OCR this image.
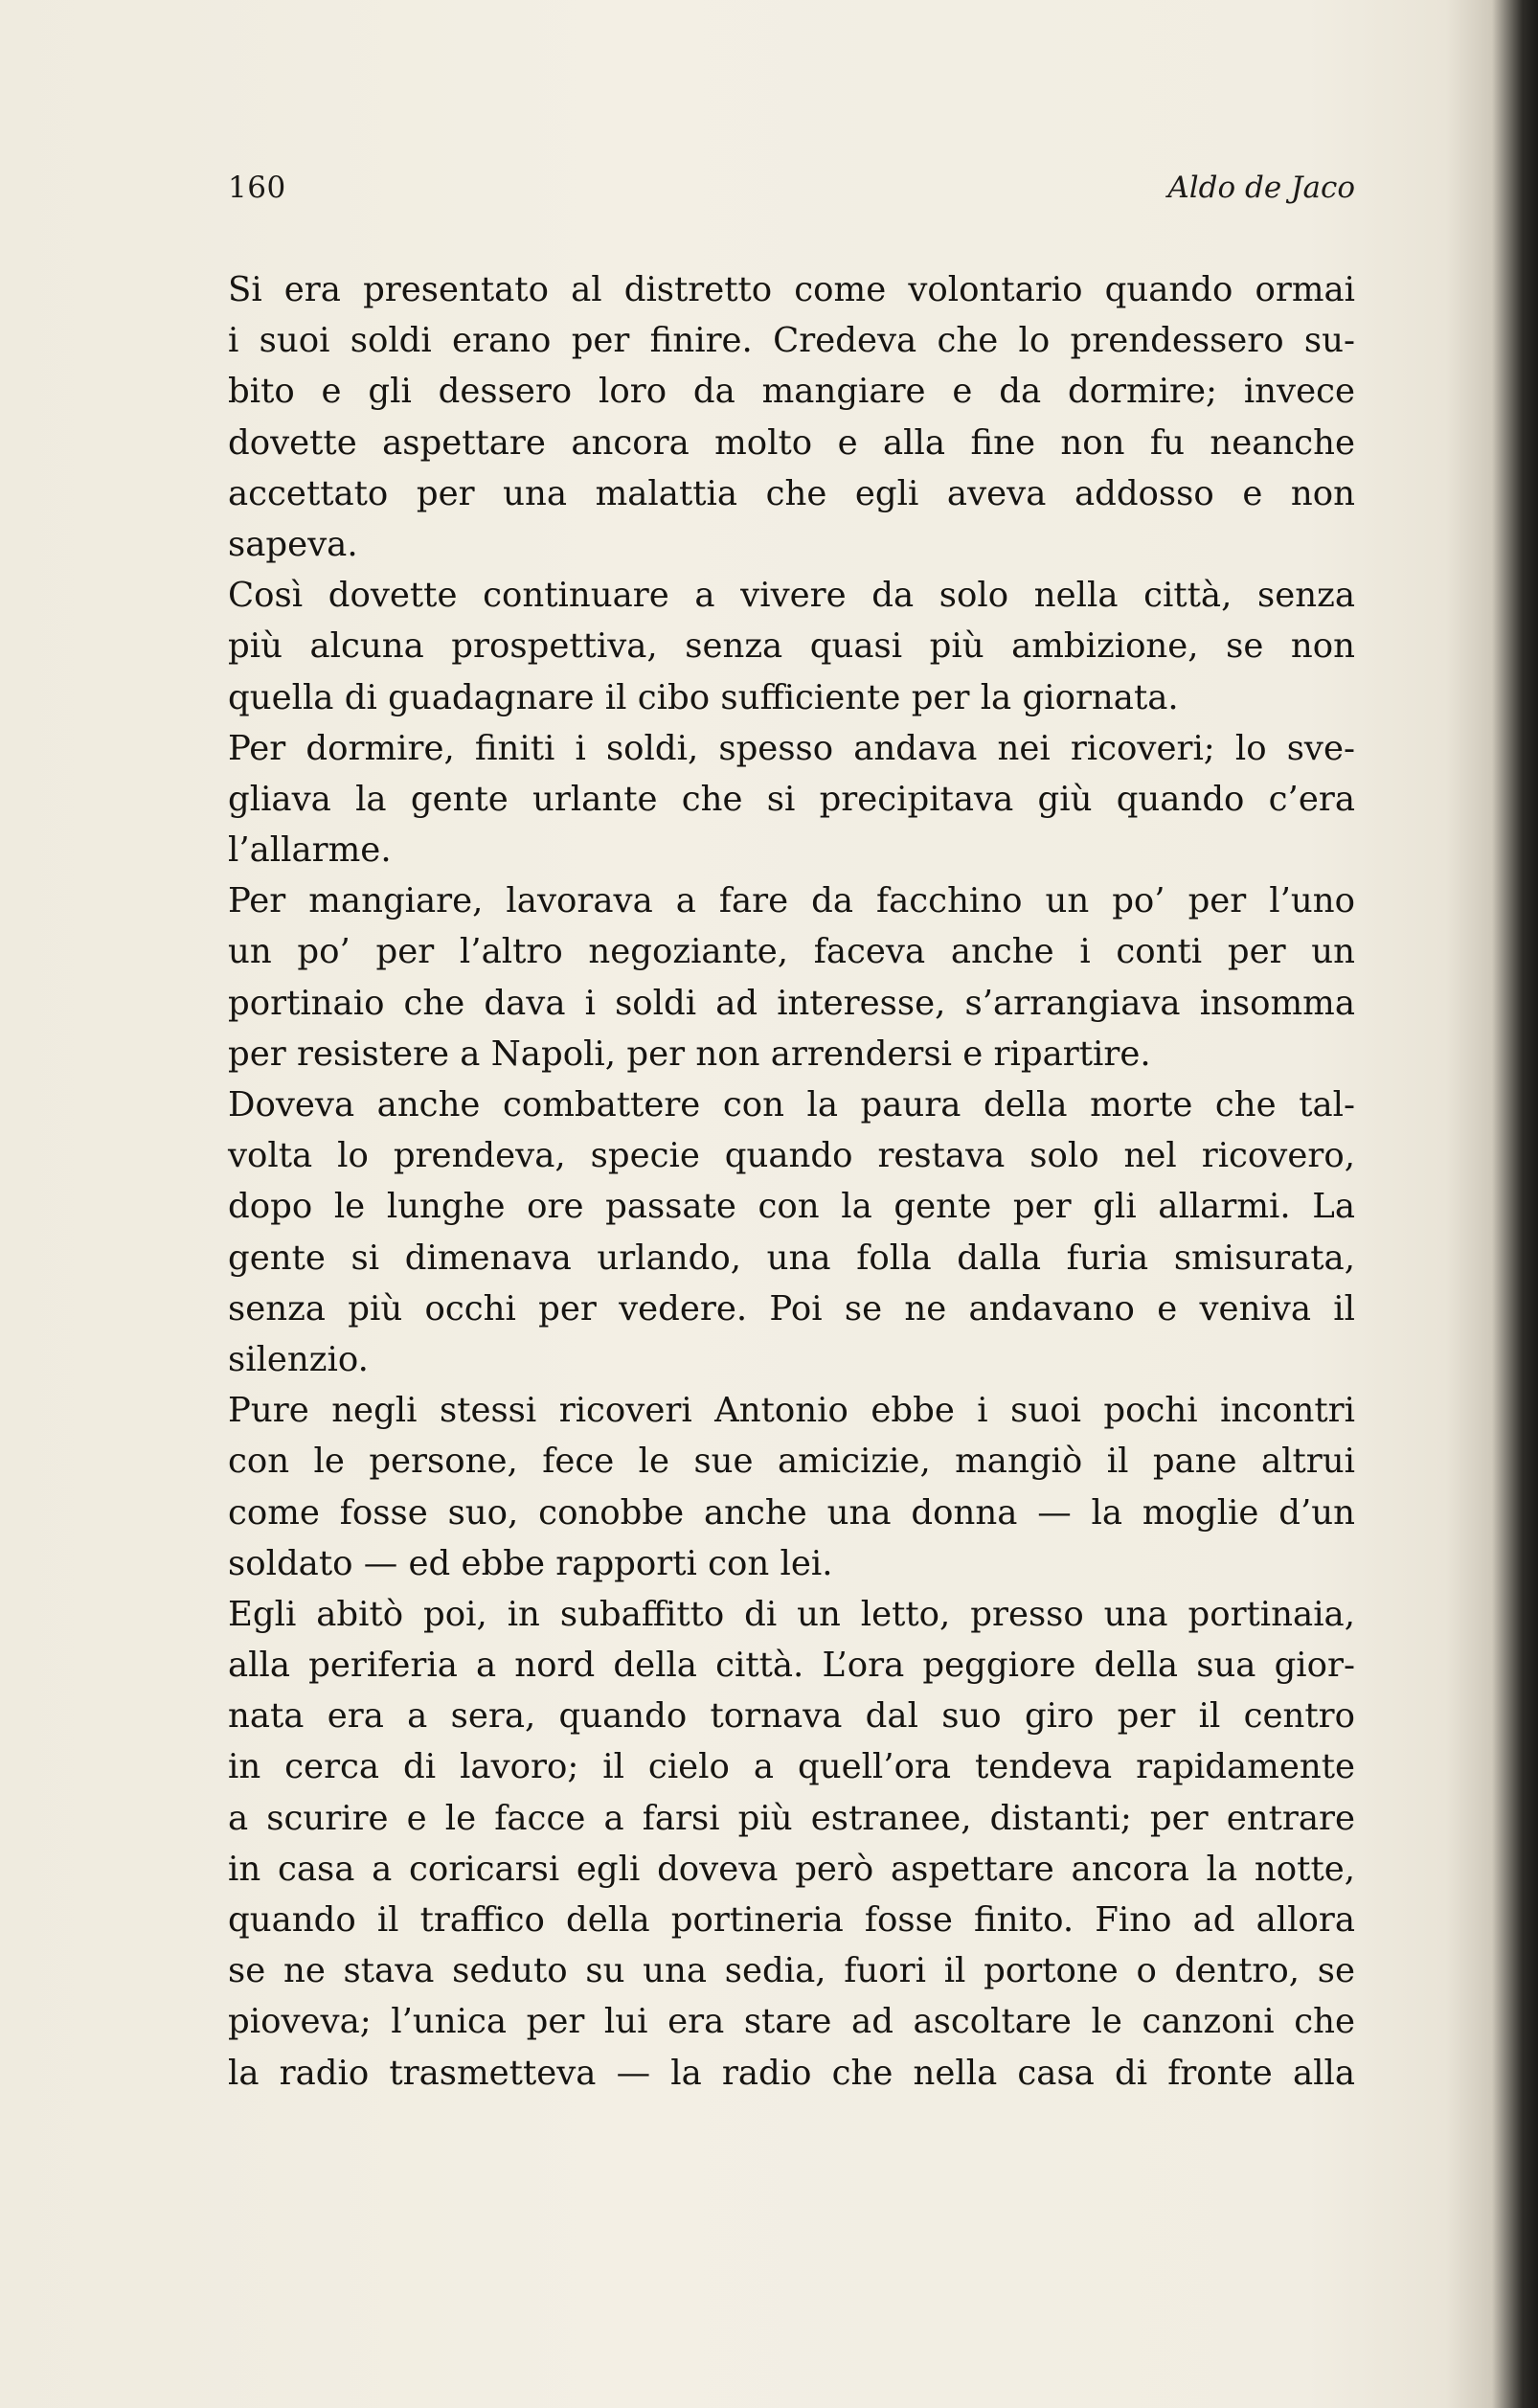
160	Aldo de Jaco
Si era presentato al distretto come volontario quando ormai
i suoi soldi erano per finire. Credeva che lo prendessero su-
bito e gli dessero loro da mangiare e da dormire; invece
dovette aspettare ancora molto e alla fine non fu neanche
accettato per una malattia che egli aveva addosso e non
sapeva.
Così dovette continuare a vivere da solo nella città, senza
più alcuna prospettiva, senza quasi più ambizione, se non
quella di guadagnare il cibo sufficiente per la giornata.
Per dormire, finiti i soldi, spesso andava nei ricoveri; lo sve-
gliava la gente urlante che si precipitava giù quando c’era
l’allarme.
Per mangiare, lavorava a fare da facchino un po’ per l’uno
un po’ per l’altro negoziante, faceva anche i conti per un
portinaio che dava i soldi ad interesse, s’arrangiava insomma
per resistere a Napoli, per non arrendersi e ripartire.
Doveva anche combattere con la paura della morte che tal-
volta lo prendeva, specie quando restava solo nel ricovero,
dopo le lunghe ore passate con la gente per gli allarmi. La
gente si dimenava urlando, una folla dalla furia smisurata,
senza più occhi per vedere. Poi se ne andavano e veniva il
silenzio.
Pure negli stessi ricoveri Antonio ebbe i suoi pochi incontri
con le persone, fece le sue amicizie, mangiò il pane altrui
come fosse suo, conobbe anche una donna — la moglie d’un
soldato — ed ebbe rapporti con lei.
Egli abitò poi, in subaffitto di un letto, presso una portinaia,
alla periferia a nord della città. L’ora peggiore della sua gior-
nata era a sera, quando tornava dal suo giro per il centro
in cerca di lavoro; il cielo a quell’ora tendeva rapidamente
a scurire e le facce a farsi più estranee, distanti; per entrare
in casa a coricarsi egli doveva però aspettare ancora la notte,
quando il traffico della portineria fosse finito. Fino ad allora
se ne stava seduto su una sedia, fuori il portone o dentro, se
pioveva; l’unica per lui era stare ad ascoltare le canzoni che
la radio trasmetteva — la radio che nella casa di fronte alla
